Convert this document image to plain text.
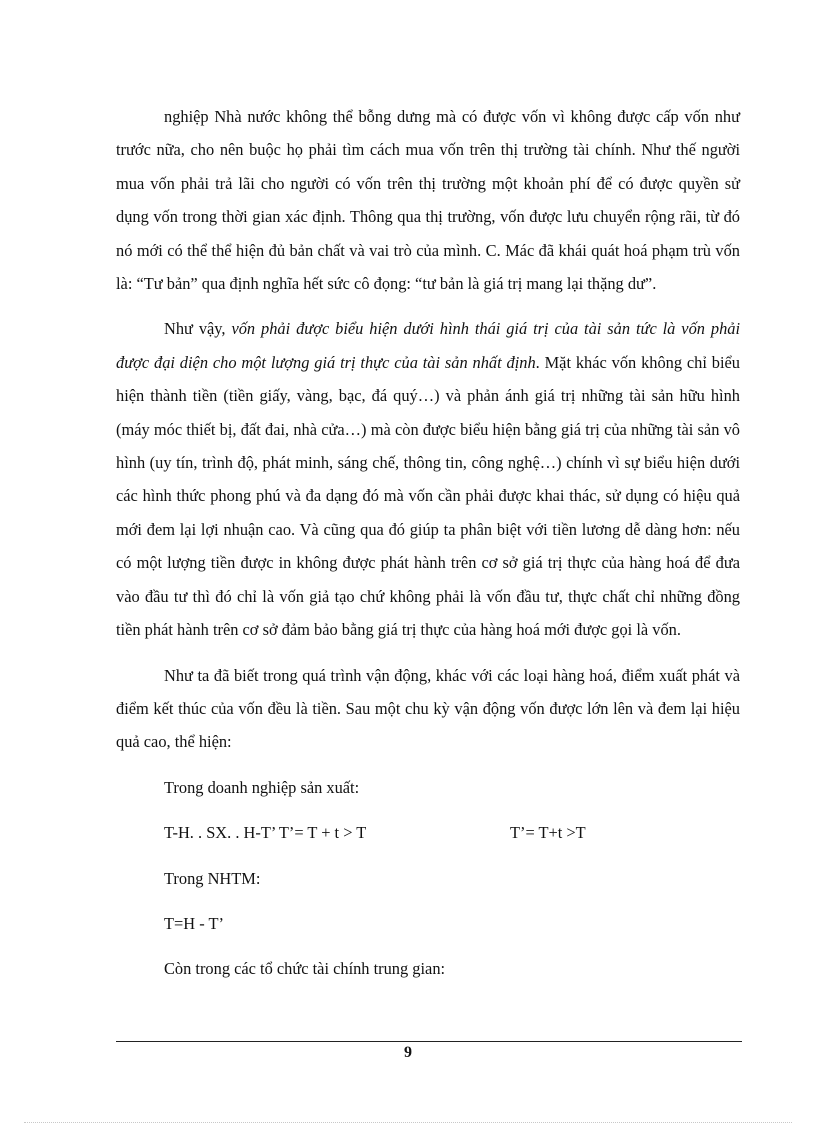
nghiệp Nhà nước không thể bỗng dưng mà có được vốn vì không được cấp vốn như trước nữa, cho nên buộc họ phải tìm cách mua vốn trên thị trường tài chính. Như thế người mua vốn phải trả lãi cho người có vốn trên thị trường một khoản phí để có được quyền sử dụng vốn trong thời gian xác định. Thông qua thị trường, vốn được lưu chuyển rộng rãi, từ đó nó mới có thể thể hiện đủ bản chất và vai trò của mình. C. Mác đã khái quát hoá phạm trù vốn là: “Tư bản” qua định nghĩa hết sức cô đọng: “tư bản là giá trị mang lại thặng dư”.

Như vậy, vốn phải được biểu hiện dưới hình thái giá trị của tài sản tức là vốn phải được đại diện cho một lượng giá trị thực của tài sản nhất định. Mặt khác vốn không chỉ biểu hiện thành tiền (tiền giấy, vàng, bạc, đá quý…) và phản ánh giá trị những tài sản hữu hình (máy móc thiết bị, đất đai, nhà cửa…) mà còn được biểu hiện bằng giá trị của những tài sản vô hình (uy tín, trình độ, phát minh, sáng chế, thông tin, công nghệ…) chính vì sự biểu hiện dưới các hình thức phong phú và đa dạng đó mà vốn cần phải được khai thác, sử dụng có hiệu quả mới đem lại lợi nhuận cao. Và cũng qua đó giúp ta phân biệt với tiền lương dễ dàng hơn: nếu có một lượng tiền được in không được phát hành trên cơ sở giá trị thực của hàng hoá để đưa vào đầu tư thì đó chỉ là vốn giả tạo chứ không phải là vốn đầu tư, thực chất chỉ những đồng tiền phát hành trên cơ sở đảm bảo bằng giá trị thực của hàng hoá mới được gọi là vốn.

Như ta đã biết trong quá trình vận động, khác với các loại hàng hoá, điểm xuất phát và điểm kết thúc của vốn đều là tiền. Sau một chu kỳ vận động vốn được lớn lên và đem lại hiệu quả cao, thể hiện:

Trong doanh nghiệp sản xuất:

T-H. . SX. . H-T’ T’= T + t > T	T’= T+t >T

Trong NHTM:

T=H - T’

Còn trong các tổ chức tài chính trung gian:

9
